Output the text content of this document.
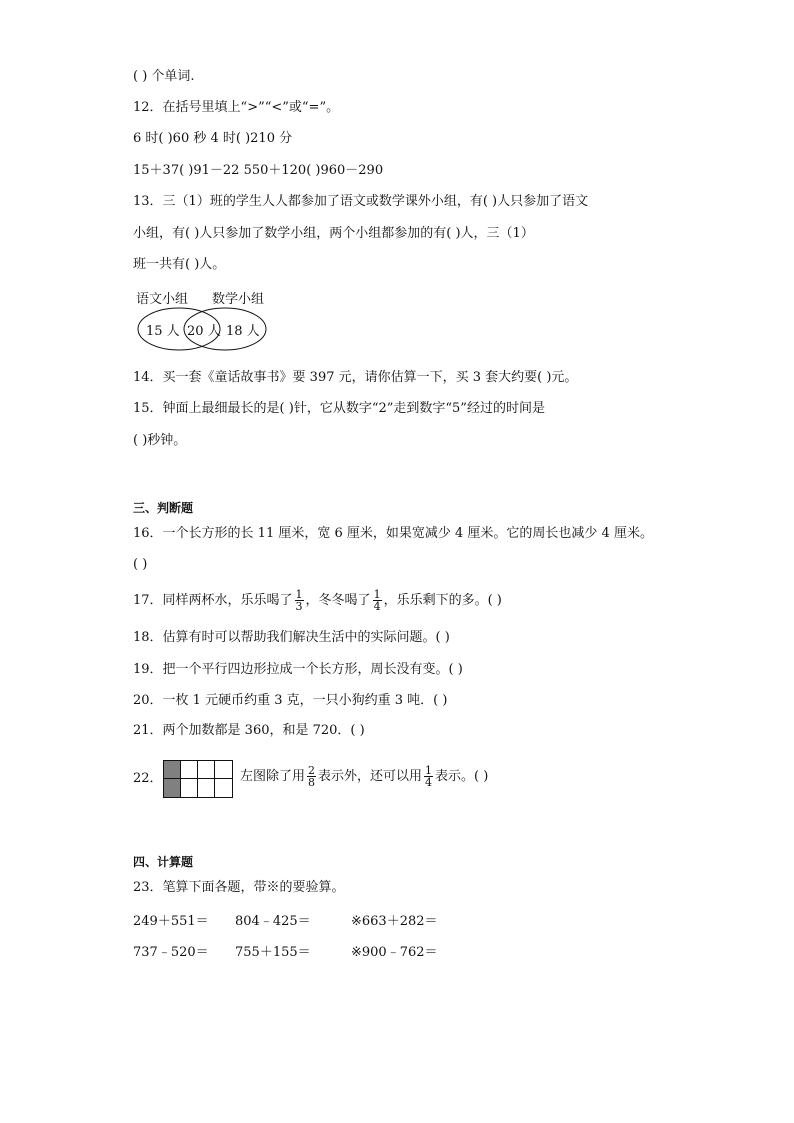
( ) 个单词.
12．在括号里填上“>”“<”或“=”。
6 时( )60 秒 4 时( )210 分
15＋37( )91－22 550＋120( )960－290
13．三（1）班的学生人人都参加了语文或数学课外小组，有( )人只参加了语文
小组，有( )人只参加了数学小组，两个小组都参加的有( )人，三（1）
班一共有( )人。
语文小组 数学小组
15 人 20 人 18 人
14．买一套《童话故事书》要 397 元，请你估算一下，买 3 套大约要( )元。
15．钟面上最细最长的是( )针，它从数字“2”走到数字“5”经过的时间是
( )秒钟。
三、判断题
16．一个长方形的长 11 厘米，宽 6 厘米，如果宽减少 4 厘米。它的周长也减少 4 厘米。
( )
17．同样两杯水，乐乐喝了 $\frac{1}{3}$ ，冬冬喝了 $\frac{1}{4}$ ，乐乐剩下的多。( )
18．估算有时可以帮助我们解决生活中的实际问题。( )
19．把一个平行四边形拉成一个长方形，周长没有变。( )
20．一枚 1 元硬币约重 3 克，一只小狗约重 3 吨．( )
21．两个加数都是 360，和是 720．( )
22．	左图除了用 $\frac{2}{8}$ 表示外，还可以用 $\frac{1}{4}$ 表示。( )
四、计算题
23．笔算下面各题，带※的要验算。
249＋551＝ 804﹣425＝	※663＋282＝
737﹣520＝ 755＋155＝	※900﹣762＝
